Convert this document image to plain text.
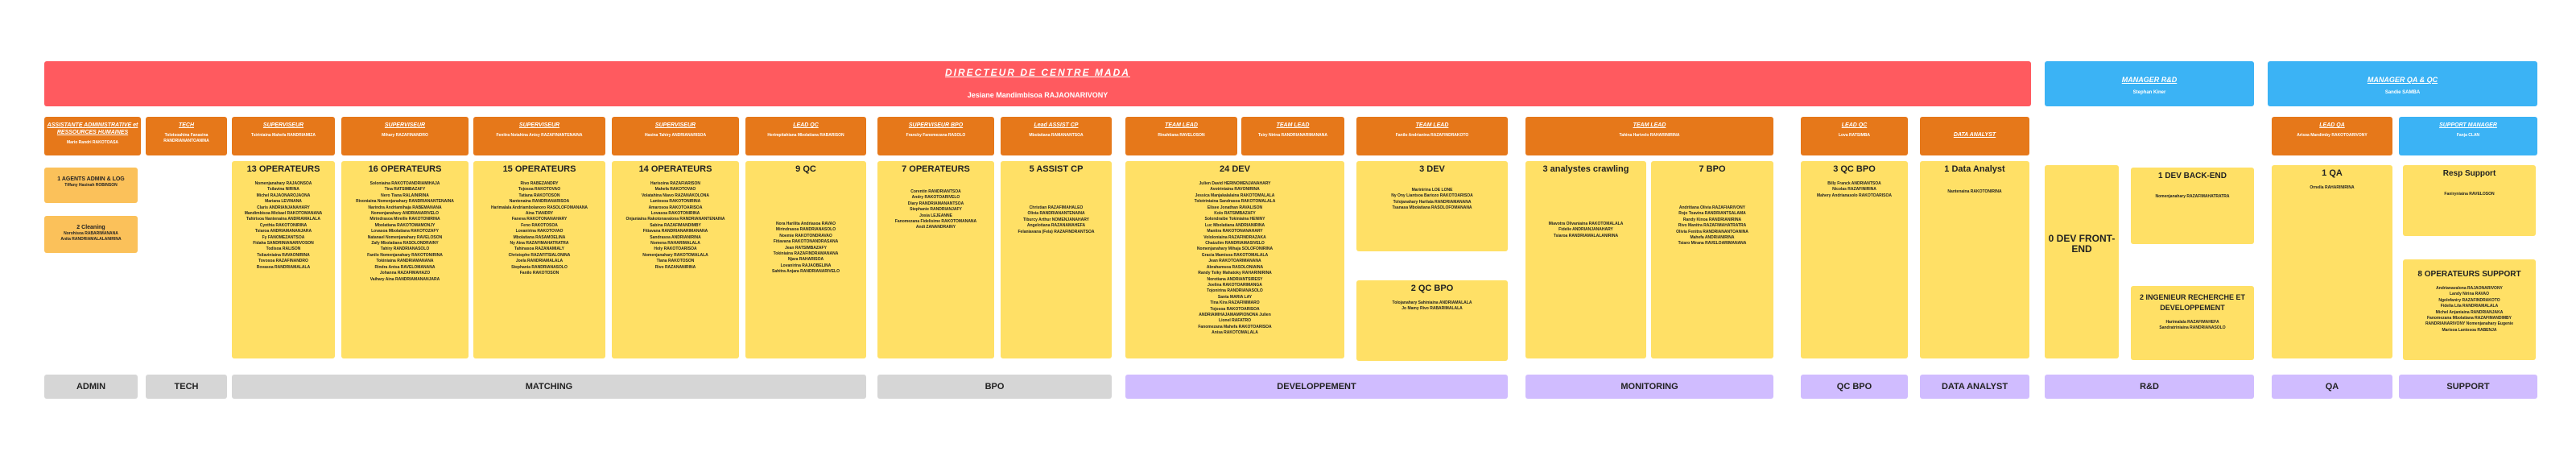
DIRECTEUR DE CENTRE MADA
Jesiane Mandimbisoa RAJAONARIVONY
MANAGER R&D
Stephan Kiner
MANAGER QA & QC
Sandie SAMBA
ASSISTANTE ADMINISTRATIVE et RESSOURCES HUMAINES
Mario Randri RAKOTOASA
TECH
Tolotsoahina Fanasina RANDRIANANTOANINA
SUPERVISEUR
Tsiriniaina Mahefa RANDRIAMIZA
SUPERVISEUR
Mihary RAZAFINANDRO
SUPERVISEUR
Fenitra Notahina Anisy RAZAFINANTENAINA
SUPERVISEUR
Hasina Tahiry ANDRIANARISOA
LEAD QC
Herimpitahiana Mbolatiana RABARISON
SUPERVISEUR BPO
Francky Fanomezana RASOLO
Lead ASSIST CP
Mbolatiana RAMANANTSOA
TEAM LEAD
Rinahtiana RAVELOSON
TEAM LEAD
Tsiry Nirina RANDRIANARIMANANA
TEAM LEAD
Fanilo Andrianina RAZAFINDRAKOTO
TEAM LEAD
Tahina Harivelo RAHARINIRINA
LEAD QC
Lova RATSIMBA	DATA ANALYST
LEAD QA
Arisoa Mandimby RAKOTOARIVONY
SUPPORT MANAGER
Fanja CLAN
1 AGENTS ADMIN & LOG
Tiffany Hasinah ROBINSON
2 Cleaning
Norohisoa RABARIMANANA
Anita RANDRIAMALALANIRINA
13 OPERATEURS
Nomenjanahary RAJAONSOA
Tsilavina NIRINA
Michel RAJAONAROJAONA
Mariana LEVINANA
Claris ANDRIANJANAHARY
Mandimbisoa Mickael RAKOTOMANANA
Tahirisoa Nantenaina ANDRIAMALALA
Cynthia RAKOTONIRINA
Tsiaroa ANDRIAMANANJARA
Fy FANOMEZANTSOA
Fidaha SANDRINIANARIVOSON
Todisoa RALISON
Tsilaviniaina RAVAONIRINA
Tovosoa RAZAFINANDRO
Rovasoa RANDRIAMALALA
16 OPERATEURS
Soloniaina RAKOTOANDRIAMIHAJA
Tina RATSIMBAZAFY
Nero Tiana RALAINIRINA
Rivoniaina Nomenjanahary RANDRIANANTENAINA
Narindra Andriamihaja RABEMANANA
Nomenjanahary ANDRIANARIVELO
Mirindrasoa Mireille RAKOTONIRINA
Mbolatiana RAKOTOMAMONJY
Lovasoa Mbolatiana RAKOTOZAFY
Natanael Nomenjanahary RAVELOSON
Zafy Mbolatiana RASOLONDRAINY
Tahiry RANDRIANASOLO
Fanilo Nomenjanahary RAKOTONIRINA
Tokiniaina RANDRIAMANANA
Rindra Antsa RAVELOMANANA
Johanna RAZAFIMAHAZO
Vaihary Aina RANDRIAMANANJARA
15 OPERATEURS
Rivo RABEZANDRY
Tojosoa RAKOTOVAO
Tatiana RAKOTOSON
Nantenaina RANDRIANARISOA
Harimalala Andriambolanoro RASOLOFOMANANA
Aina TIANDRY
Faneva RAKOTONANAHARY
Feno RAKOTOSOA
Lovanirina RAKOTOVAO
Mbolatiana RASAMOELINA
Ny Aina RAZAFIMAHATRATRA
Tahinasoa RAZANAMIALY
Christophe RAZAFITSIALONINA
Joela RANDRIAMALALA
Stephania RANDRIANASOLO
Fanilo RAKOTOSON
14 OPERATEURS
Harisoina RAZAFIARISON
Mahefa RAKOTOVAO
Volatahina Niavo RAZANAKOLONA
Lantosoa RAKOTONIRINA
Amarosoa RAKOTOARISOA
Lovasoa RAKOTONIRINA
Onjaniaina Rakotonavalona RANDRIANANTENAINA
Sabina RAZAFIMANDIMBY
Fitiavana RANDRIANARIMANANA
Sandrasoa ANDRIANIRINA
Nomena RAHARIMALALA
Holy RAKOTOARISOA
Nomenjanahary RAKOTOMALALA
Tiana RAKOTOSON
Rivo RAZANANIRINA
9 QC
Nora Harilita Andriasoa RAVAO
Mirindrasoa RANDRIANASOLO
Noemie RAKOTONDRAVAO
Fitiavana RAKOTONANDRASANA
Jean RATSIMBAZAFY
Tokiniaina RAZAFINDRAMANANA
Njara RAHARISOA
Lovanirina RAJAOBELINA
Sahitra Anjara RANDRIANARIVELO
7 OPERATEURS
Corentin RANDRIANTSOA
Andry RAKOTOARIVELO
Diary RANDRIAMANANTSOA
Stephanie RANDRIANJAFY
Josia LEJEANNE
Fanomezana Fidelisime RAKOTOMANANA
Andi ZANANDRAINY
5 ASSIST CP
Christian RAZAFIMAHALEO
Olivia RANDRIANANTENAINA
Tiburcy Arthur NOMENJANAHARY
Angelotiana RAZANAMAHEFA
Felaniavana (Fela) RAZAFINDRANTSOA
24 DEV
Julien David HERINOMENJANAHARY
Avotriniaina RAVONIRINA
Jessica Manjakalalaina RAKOTOMALALA
Tolotriniaina Sandrasoa RAKOTOMALALA
Elisee Jonathan RAVALISON
Kolo RATSIMBAZAFY
Solondraibe Tokiniaina HENINY
Luc Mbolatiana ANDRIANIRINA
Manitra RAKOTONANAHARY
Vololoniaina RAZAFINDRAZAKA
Chaizzlim RANDRIAMASIVELO
Nomenjanahary Mihaja SOLOFONIRINA
Gracia Mamisoa RAKOTOMALALA
Jean RAKOTOARIMANANA
Abrahamsoa RASOLONIAINA
Randy Tsiky Mahatoky RAHARINIRINA
Norotiana ANDRIANTSIRESY
Joelina RAKOTOARIMANGA
Tojonirina RANDRIANASOLO
Santa MARIA LAY
Tina Kira RAZAFINIMARO
Tojosoa RAKOTOARISOA
ANDRIAMIHAJAMAMPIONONA Julien
Lionel RAFATRO
Fanomezana Mahefa RAKOTOARISOA
Anisa RAKOTOMALALA
3 DEV
Marinirina LOE LONE
Ny Ony Liantsoa Bariozo RAKOTOARISOA
Tolojanahary Harilala RANDRIAMANANA
Tsanasa Mbolatiana RASOLOFOMANANA
2 QC BPO
Tolojanahary Sahiniaina ANDRIAMALALA
Jo Mamy Rivo RABARIMALALA
3 analystes crawling
Miavotra Olivaniaina RAKOTOMALALA
Fidelie ANDRIANJANAHARY
Tsiaroa RANDRIAMALALANIRINA
7 BPO
Andritiana Olivia RAZAFIARIVONY
Rojo Toavina RANDRIANTSALAMA
Randy Kinoa RANDRIANIRINA
Rivo Manitra RAZAFIMAHATRATRA
Olivia Fenitra RANDRIANANTOANINA
Mahefa ANDRIANIRINA
Tsiaro Mirana RAVELOARIMANANA
3 QC BPO
Billy Franck ANDRIANTSOA
Nicolas RAZAFINIRINA
Mahery Andrianasolo RAKOTOARISOA
1 Data Analyst
Nantenaina RAKOTONIRINA
0 DEV FRONT-END
1 DEV BACK-END
Nomenjanahary RAZAFIMAHATRATRA
2 INGENIEUR RECHERCHE ET DEVELOPPEMENT
Harimalala RAZAFIMAHEFA
Sandratriniaina RANDRIANASOLO
1 QA
Ornella RAHARINIRINA
Resp Support
Faniryniaina RAVELOSON
8 OPERATEURS SUPPORT
Andrianavalona RAJAONARIVONY
Landy Nirina RAVAO
Ngolofaniry RAZAFINDRAKOTO
Fidelia Lila RANDRIAMALALA
Michel Anjaniaina RANDRIANJAKA
Fanomezana Mbolatiana RAZAFIMANDIMBY
RANDRIANARIVONY Nomenjanahary Eugenie
Marisoa Lantosoa RABENJA
ADMIN	TECH	MATCHING	BPO	DEVELOPPEMENT	MONITORING	QC BPO	DATA ANALYST	R&D	QA	SUPPORT
